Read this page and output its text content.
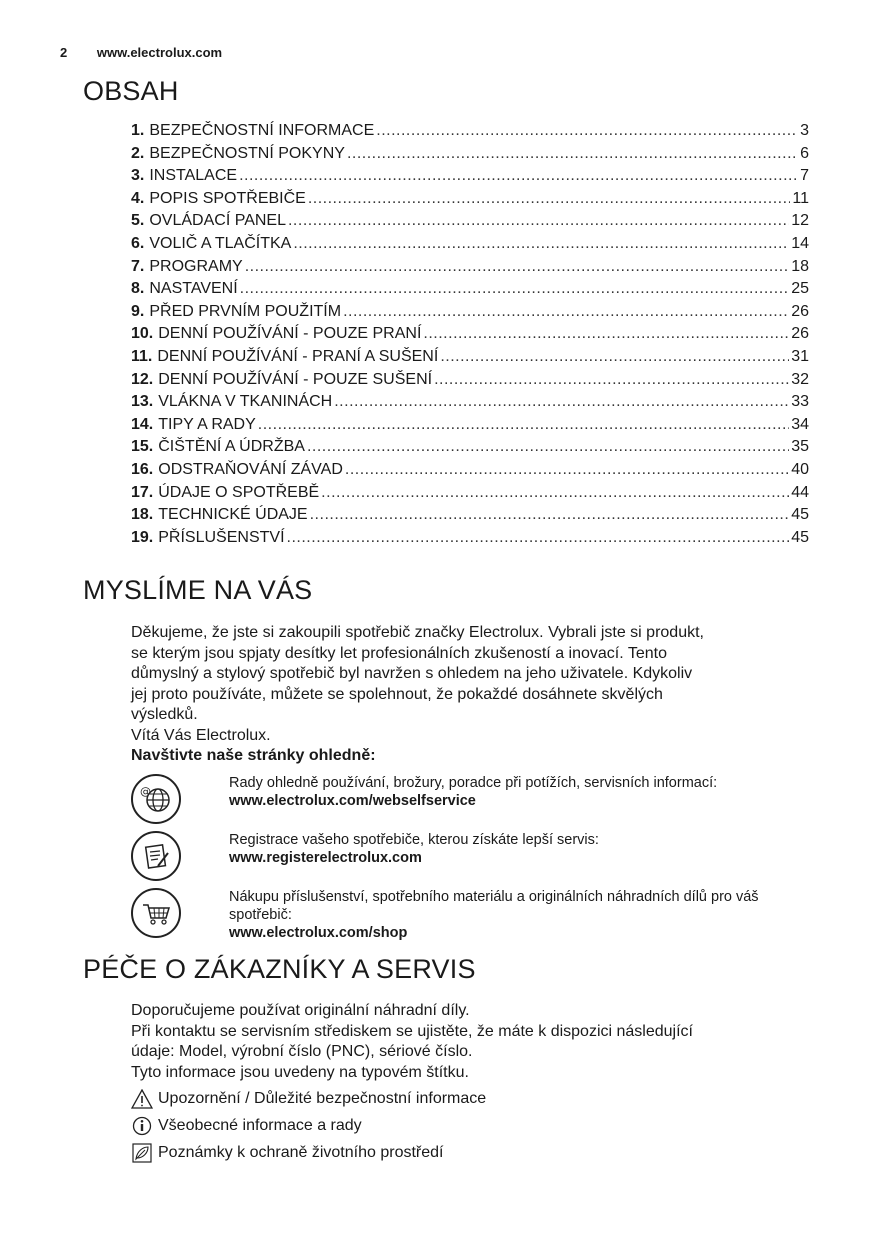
2 www.electrolux.com
OBSAH
1. BEZPEČNOSTNÍ INFORMACE .....	3
2. BEZPEČNOSTNÍ POKYNY .....	6
3. INSTALACE .....	7
4. POPIS SPOTŘEBIČE .....	11
5. OVLÁDACÍ PANEL .....	12
6. VOLIČ A TLAČÍTKA .....	14
7. PROGRAMY .....	18
8. NASTAVENÍ .....	25
9. PŘED PRVNÍM POUŽITÍM .....	26
10. DENNÍ POUŽÍVÁNÍ - POUZE PRANÍ .....	26
11. DENNÍ POUŽÍVÁNÍ - PRANÍ A SUŠENÍ .....	31
12. DENNÍ POUŽÍVÁNÍ - POUZE SUŠENÍ .....	32
13. VLÁKNA V TKANINÁCH .....	33
14. TIPY A RADY .....	34
15. ČIŠTĚNÍ A ÚDRŽBA .....	35
16. ODSTRAŇOVÁNÍ ZÁVAD .....	40
17. ÚDAJE O SPOTŘEBĚ .....	44
18. TECHNICKÉ ÚDAJE .....	45
19. PŘÍSLUŠENSTVÍ .....	45
MYSLÍME NA VÁS

Děkujeme, že jste si zakoupili spotřebič značky Electrolux. Vybrali jste si produkt,

se kterým jsou spjaty desítky let profesionálních zkušeností a inovací. Tento

důmyslný a stylový spotřebič byl navržen s ohledem na jeho uživatele. Kdykoliv

jej proto používáte, můžete se spolehnout, že pokaždé dosáhnete skvělých

výsledků.

Vítá Vás Electrolux.

Navštivte naše stránky ohledně:

@
Rady ohledně používání, brožury, poradce při potížích, servisních informací:
www.electrolux.com/webselfservice
Registrace vašeho spotřebiče, kterou získáte lepší servis:
www.registerelectrolux.com
Nákupu příslušenství, spotřebního materiálu a originálních náhradních dílů pro váš spotřebič:
www.electrolux.com/shop
PÉČE O ZÁKAZNÍKY A SERVIS

Doporučujeme používat originální náhradní díly.

Při kontaktu se servisním střediskem se ujistěte, že máte k dispozici následující

údaje: Model, výrobní číslo (PNC), sériové číslo.

Tyto informace jsou uvedeny na typovém štítku.

Upozornění / Důležité bezpečnostní informace
Všeobecné informace a rady
Poznámky k ochraně životního prostředí
